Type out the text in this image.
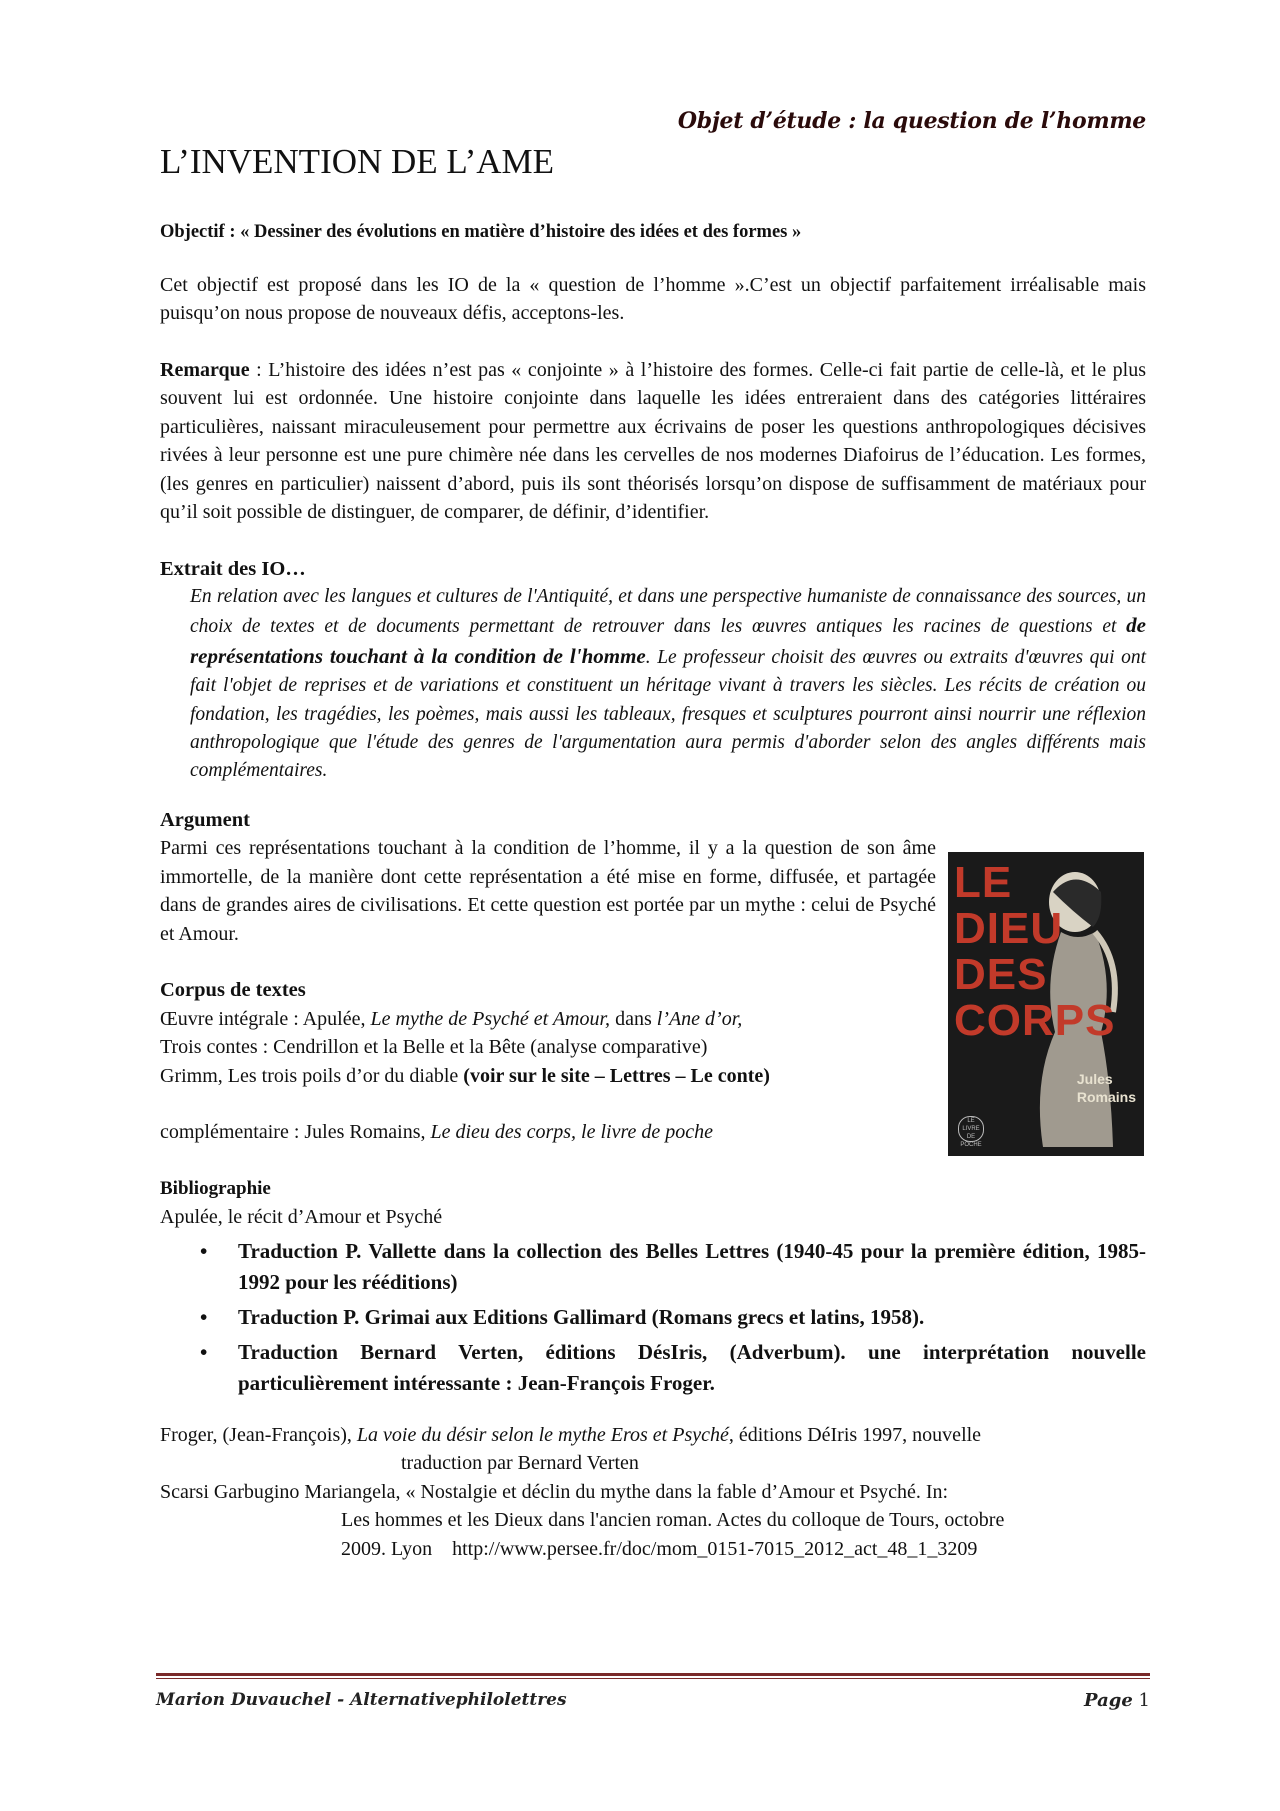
Objet d’étude : la question de l’homme
L’INVENTION DE L’AME

Objectif : « Dessiner des évolutions en matière d’histoire des idées et des formes »

Cet objectif est proposé dans les IO de la « question de l’homme ».C’est un objectif parfaitement irréalisable mais puisqu’on nous propose de nouveaux défis, acceptons-les.

Remarque : L’histoire des idées n’est pas « conjointe » à l’histoire des formes. Celle-ci fait partie de celle-là, et le plus souvent lui est ordonnée. Une histoire conjointe dans laquelle les idées entreraient dans des catégories littéraires particulières, naissant miraculeusement pour permettre aux écrivains de poser les questions anthropologiques décisives rivées à leur personne est une pure chimère née dans les cervelles de nos modernes Diafoirus de l’éducation. Les formes, (les genres en particulier) naissent d’abord, puis ils sont théorisés lorsqu’on dispose de suffisamment de matériaux pour qu’il soit possible de distinguer, de comparer, de définir, d’identifier.

Extrait des IO…

En relation avec les langues et cultures de l'Antiquité, et dans une perspective humaniste de connaissance des sources, un choix de textes et de documents permettant de retrouver dans les œuvres antiques les racines de questions et de représentations touchant à la condition de l'homme. Le professeur choisit des œuvres ou extraits d'œuvres qui ont fait l'objet de reprises et de variations et constituent un héritage vivant à travers les siècles. Les récits de création ou fondation, les tragédies, les poèmes, mais aussi les tableaux, fresques et sculptures pourront ainsi nourrir une réflexion anthropologique que l'étude des genres de l'argumentation aura permis d'aborder selon des angles différents mais complémentaires.

Argument

Parmi ces représentations touchant à la condition de l’homme, il y a la question de son âme immortelle, de la manière dont cette représentation a été mise en forme, diffusée, et partagée dans de grandes aires de civilisations. Et cette question est portée par un mythe : celui de Psyché et Amour.

Corpus de textes

Œuvre intégrale : Apulée, Le mythe de Psyché et Amour, dans l’Ane d’or,

Trois contes : Cendrillon et la Belle et la Bête (analyse comparative)

Grimm, Les trois poils d’or du diable (voir sur le site – Lettres – Le conte)

complémentaire : Jules Romains, Le dieu des corps, le livre de poche

Bibliographie

Apulée, le récit d’Amour et Psyché

• Traduction P. Vallette dans la collection des Belles Lettres (1940-45 pour la première édition, 1985-1992 pour les rééditions)
• Traduction P. Grimai aux Editions Gallimard (Romans grecs et latins, 1958).
• Traduction Bernard Verten, éditions DésIris, (Adverbum). une interprétation nouvelle particulièrement intéressante : Jean-François Froger.

Froger, (Jean-François), La voie du désir selon le mythe Eros et Psyché, éditions DéIris 1997, nouvelle

traduction par Bernard Verten

Scarsi Garbugino Mariangela, « Nostalgie et déclin du mythe dans la fable d’Amour et Psyché. In:

Les hommes et les Dieux dans l'ancien roman. Actes du colloque de Tours, octobre

2009. Lyon    http://www.persee.fr/doc/mom_0151-7015_2012_act_48_1_3209

LE
DIEU
DES
CORPS
Jules
Romains
LE LIVRE DE POCHE
Marion Duvauchel - Alternativephilolettres	Page 1
